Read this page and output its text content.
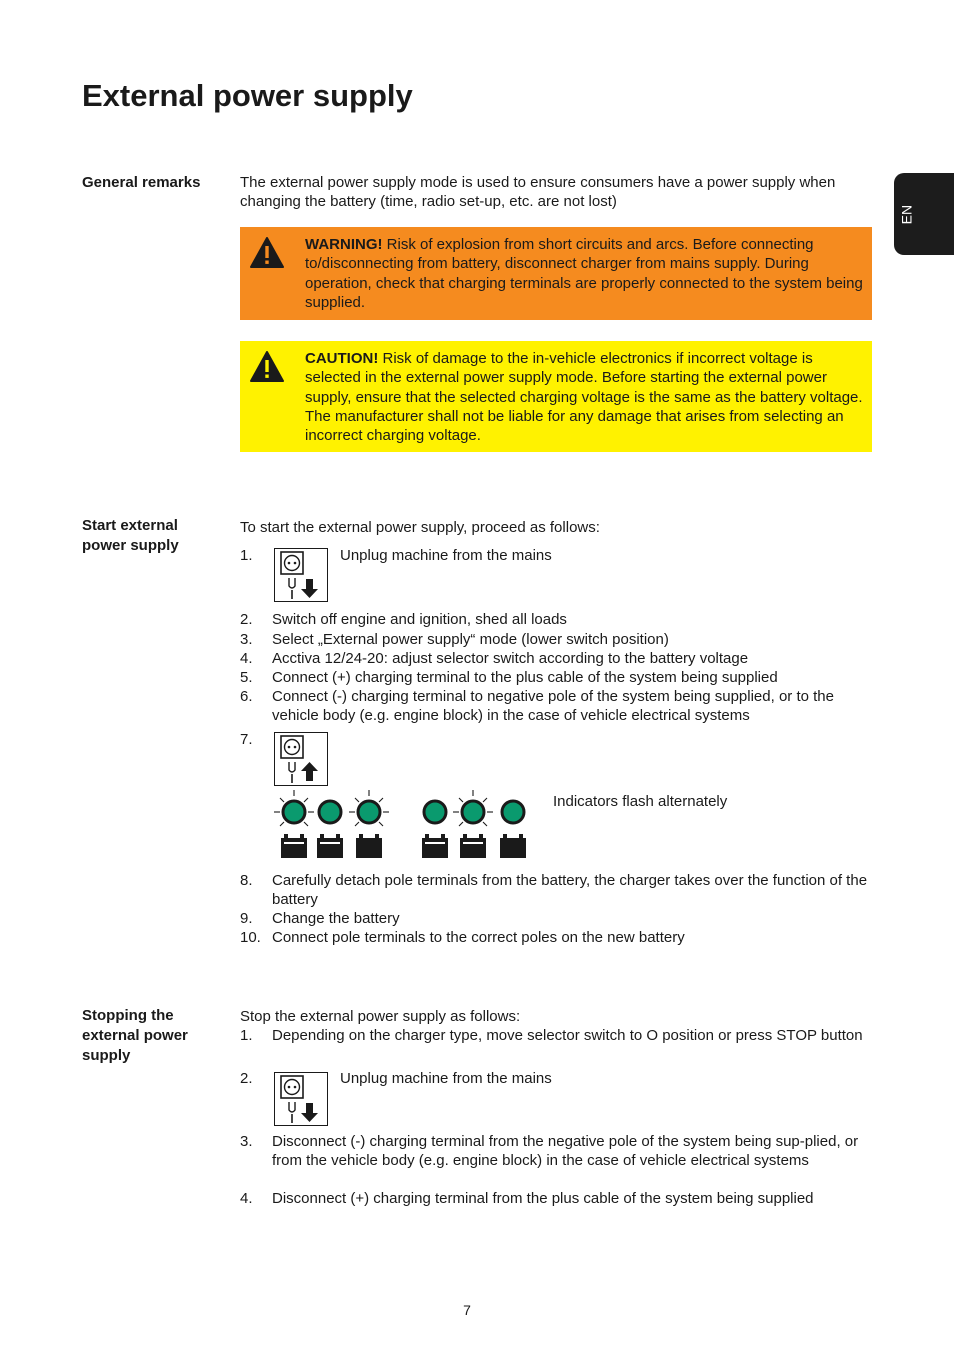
External power supply
EN
General remarks	The external power supply mode is used to ensure consumers have a power supply when changing the battery (time, radio set-up, etc. are not lost)
WARNING! Risk of explosion from short circuits and arcs. Before connecting to/disconnecting from battery, disconnect charger from mains supply. During operation, check that charging terminals are properly connected to the system being supplied.
CAUTION! Risk of damage to the in-vehicle electronics if incorrect voltage is selected in the external power supply mode. Before starting the external power supply, ensure that the selected charging voltage is the same as the battery voltage. The manufacturer shall not be liable for any damage that arises from selecting an incorrect charging voltage.
Start external
power supply
To start the external power supply, proceed as follows:
1.	Unplug machine from the mains
2.	Switch off engine and ignition, shed all loads
3.	Select „External power supply“ mode (lower switch position)
4.	Acctiva 12/24-20: adjust selector switch according to the battery voltage
5.	Connect (+) charging terminal to the plus cable of the system being supplied
6.	Connect (-) charging terminal to negative pole of the system being supplied, or to the vehicle body (e.g. engine block) in the case of vehicle electrical systems
7.
Indicators flash alternately
8.	Carefully detach pole terminals from the battery, the charger takes over the function of the battery
9.	Change the battery
10. Connect pole terminals to the correct poles on the new battery
Stopping the
external power
supply
Stop the external power supply as follows:
1.	Depending on the charger type, move selector switch to O position or press STOP button
2.	Unplug machine from the mains
3.	Disconnect (-) charging terminal from the negative pole of the system being sup-plied, or from the vehicle body (e.g. engine block) in the case of vehicle electrical systems
4.	Disconnect (+) charging terminal from the plus cable of the system being supplied
7
